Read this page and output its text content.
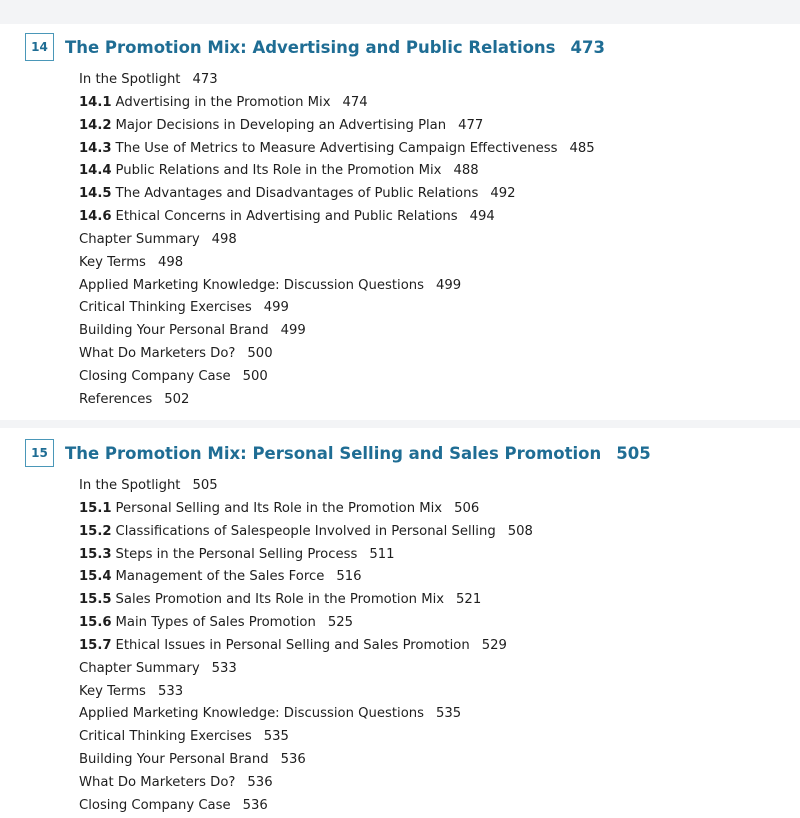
14	The Promotion Mix: Advertising and Public Relations 473
In the Spotlight 473
14.1 Advertising in the Promotion Mix 474
14.2 Major Decisions in Developing an Advertising Plan 477
14.3 The Use of Metrics to Measure Advertising Campaign Effectiveness 485
14.4 Public Relations and Its Role in the Promotion Mix 488
14.5 The Advantages and Disadvantages of Public Relations 492
14.6 Ethical Concerns in Advertising and Public Relations 494
Chapter Summary 498
Key Terms 498
Applied Marketing Knowledge: Discussion Questions 499
Critical Thinking Exercises 499
Building Your Personal Brand 499
What Do Marketers Do? 500
Closing Company Case 500
References 502
15	The Promotion Mix: Personal Selling and Sales Promotion 505
In the Spotlight 505
15.1 Personal Selling and Its Role in the Promotion Mix 506
15.2 Classifications of Salespeople Involved in Personal Selling 508
15.3 Steps in the Personal Selling Process 511
15.4 Management of the Sales Force 516
15.5 Sales Promotion and Its Role in the Promotion Mix 521
15.6 Main Types of Sales Promotion 525
15.7 Ethical Issues in Personal Selling and Sales Promotion 529
Chapter Summary 533
Key Terms 533
Applied Marketing Knowledge: Discussion Questions 535
Critical Thinking Exercises 535
Building Your Personal Brand 536
What Do Marketers Do? 536
Closing Company Case 536
